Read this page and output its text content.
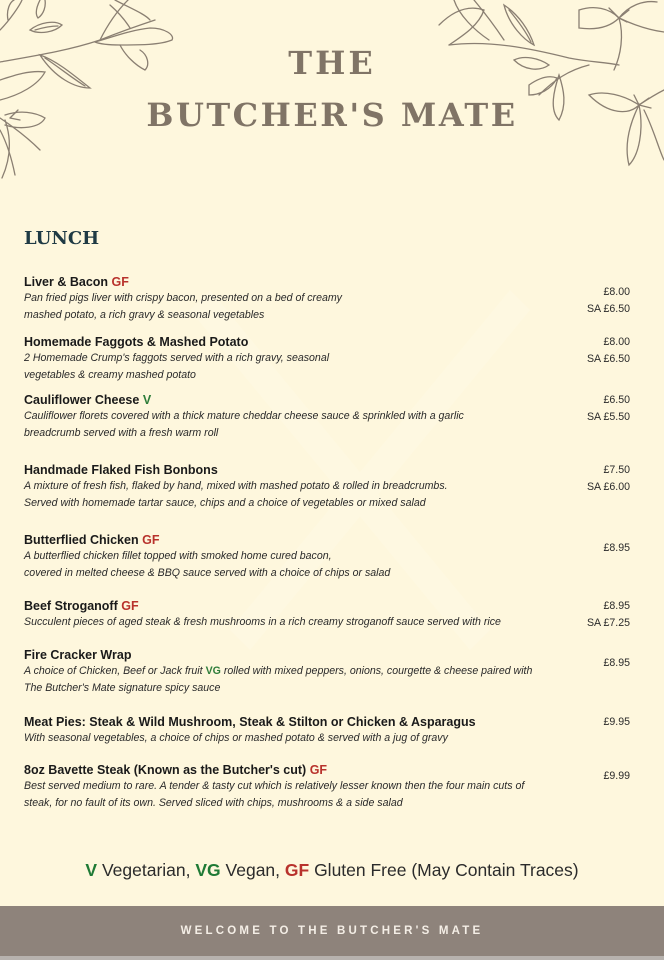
THE
BUTCHER'S MATE
LUNCH
£8.00
SA £6.50
Liver & Bacon GF
Pan fried pigs liver with crispy bacon, presented on a bed of creamy
mashed potato, a rich gravy & seasonal vegetables
£8.00
SA £6.50
Homemade Faggots & Mashed Potato
2 Homemade Crump's faggots served with a rich gravy, seasonal
vegetables & creamy mashed potato
£6.50
SA £5.50
Cauliflower Cheese V
Cauliflower florets covered with a thick mature cheddar cheese sauce & sprinkled with a garlic
breadcrumb served with a fresh warm roll
£7.50
SA £6.00
Handmade Flaked Fish Bonbons
A mixture of fresh fish, flaked by hand, mixed with mashed potato & rolled in breadcrumbs.
Served with homemade tartar sauce, chips and a choice of vegetables or mixed salad
£8.95
Butterflied Chicken GF
A butterflied chicken fillet topped with smoked home cured bacon,
covered in melted cheese & BBQ sauce served with a choice of chips or salad
£8.95
SA £7.25
Beef Stroganoff GF
Succulent pieces of aged steak & fresh mushrooms in a rich creamy stroganoff sauce served with rice
£8.95
Fire Cracker Wrap
A choice of Chicken, Beef or Jack fruit VG rolled with mixed peppers, onions, courgette & cheese paired with
The Butcher's Mate signature spicy sauce
£9.95
Meat Pies: Steak & Wild Mushroom, Steak & Stilton or Chicken & Asparagus
With seasonal vegetables, a choice of chips or mashed potato & served with a jug of gravy
£9.99
8oz Bavette Steak (Known as the Butcher's cut) GF
Best served medium to rare. A tender & tasty cut which is relatively lesser known then the four main cuts of
steak, for no fault of its own. Served sliced with chips, mushrooms & a side salad
V Vegetarian, VG Vegan, GF Gluten Free (May Contain Traces)
WELCOME TO THE BUTCHER'S MATE
